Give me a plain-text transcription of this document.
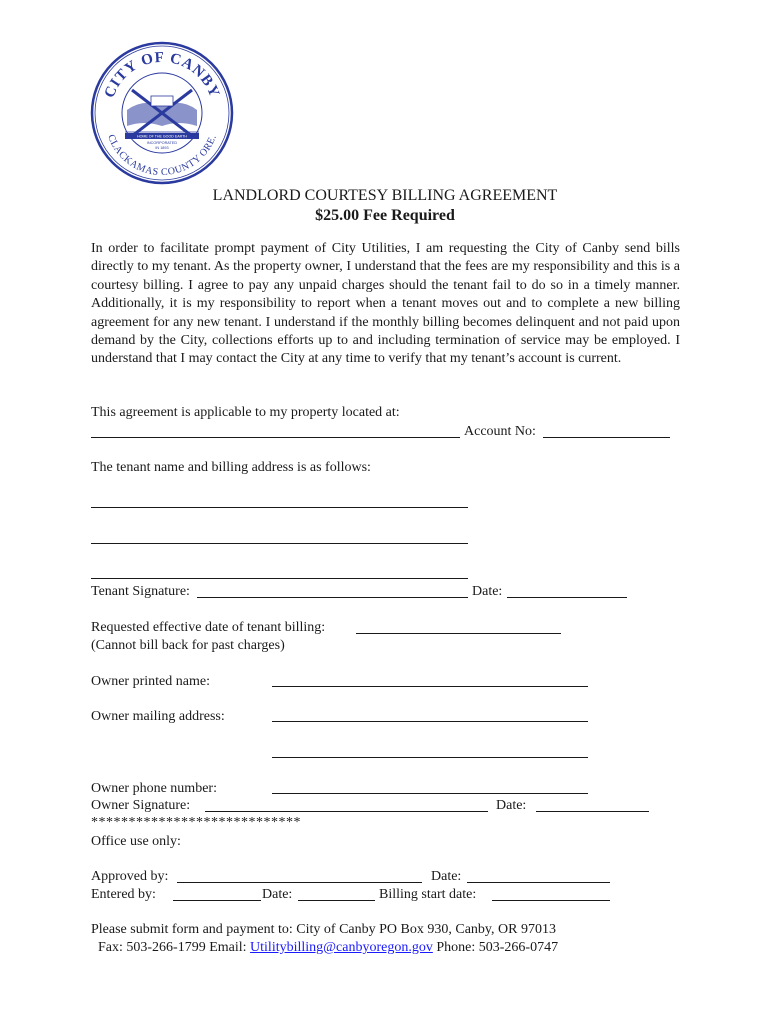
CITY OF CANBY
CLACKAMAS COUNTY ORE.
HOME OF THE GOOD EARTH
INCORPORATED
IN 1893
LANDLORD COURTESY BILLING AGREEMENT
$25.00 Fee Required
In order to facilitate prompt payment of City Utilities, I am requesting the City of Canby send bills directly to my tenant. As the property owner, I understand that the fees are my responsibility and this is a courtesy billing. I agree to pay any unpaid charges should the tenant fail to do so in a timely manner. Additionally, it is my responsibility to report when a tenant moves out and to complete a new billing agreement for any new tenant. I understand if the monthly billing becomes delinquent and not paid upon demand by the City, collections efforts up to and including termination of service may be employed. I understand that I may contact the City at any time to verify that my tenant’s account is current.
This agreement is applicable to my property located at:
Account No:
The tenant name and billing address is as follows:
Tenant Signature:	Date:
Requested effective date of tenant billing:
(Cannot bill back for past charges)
Owner printed name:
Owner mailing address:
Owner phone number:
Owner Signature:	Date:
****************************
Office use only:
Approved by:	Date:
Entered by:	Date:	Billing start date:
Please submit form and payment to: City of Canby PO Box 930, Canby, OR 97013
Fax: 503-266-1799 Email: Utilitybilling@canbyoregon.gov Phone: 503-266-0747
